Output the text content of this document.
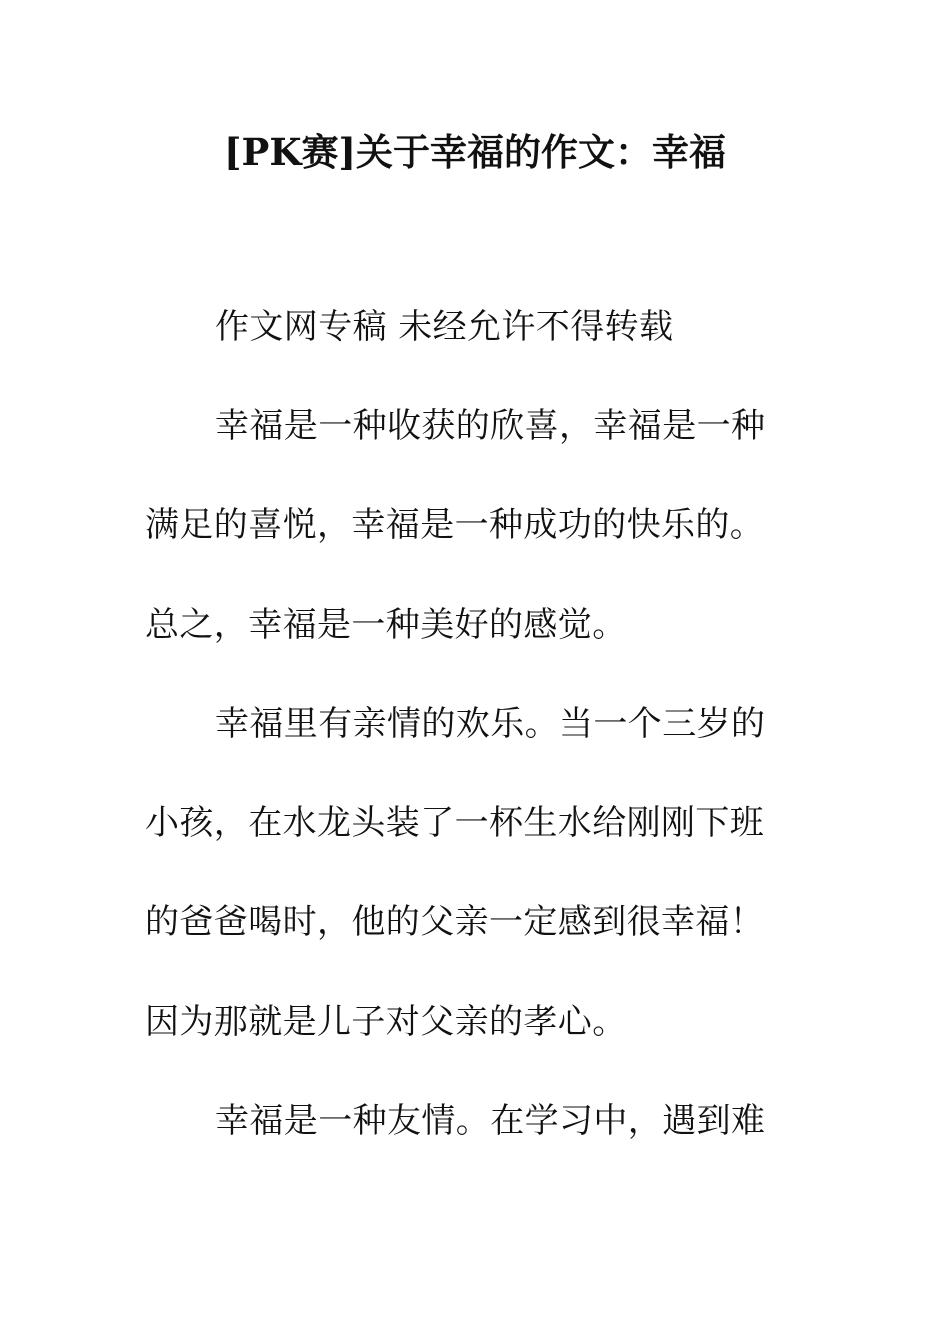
[PK赛]关于幸福的作文：幸福
作文网专稿 未经允许不得转载
幸福是一种收获的欣喜，幸福是一种
满足的喜悦，幸福是一种成功的快乐的。
总之，幸福是一种美好的感觉。
幸福里有亲情的欢乐。当一个三岁的
小孩，在水龙头装了一杯生水给刚刚下班
的爸爸喝时，他的父亲一定感到很幸福！
因为那就是儿子对父亲的孝心。
幸福是一种友情。在学习中，遇到难
